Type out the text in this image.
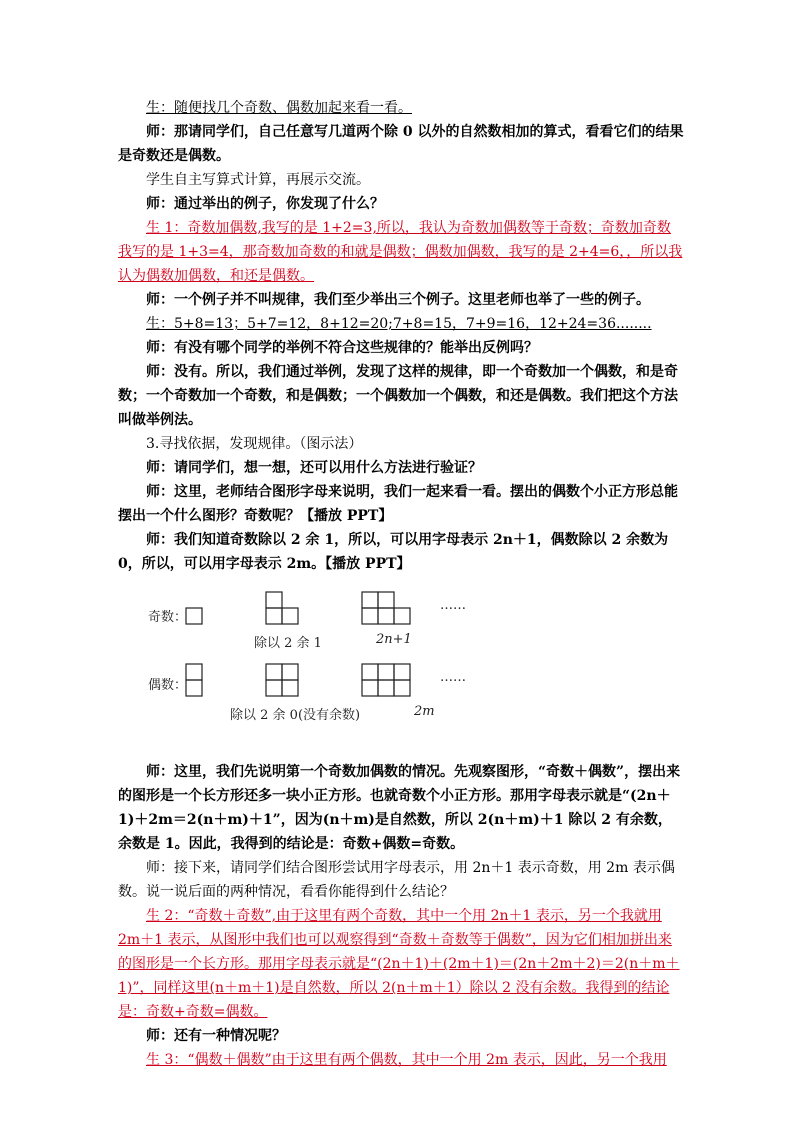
生：随便找几个奇数、偶数加起来看一看。

师：那请同学们，自己任意写几道两个除 0 以外的自然数相加的算式，看看它们的结果是奇数还是偶数。

学生自主写算式计算，再展示交流。

师：通过举出的例子，你发现了什么？

生 1：奇数加偶数,我写的是 1+2=3,所以，我认为奇数加偶数等于奇数；奇数加奇数我写的是 1+3=4，那奇数加奇数的和就是偶数；偶数加偶数，我写的是 2+4=6，，所以我认为偶数加偶数，和还是偶数。

师：一个例子并不叫规律，我们至少举出三个例子。这里老师也举了一些的例子。

生：5+8=13；5+7=12，8+12=20;7+8=15，7+9=16，12+24=36........

师：有没有哪个同学的举例不符合这些规律的？能举出反例吗？

师：没有。所以，我们通过举例，发现了这样的规律，即一个奇数加一个偶数，和是奇数；一个奇数加一个奇数，和是偶数；一个偶数加一个偶数，和还是偶数。我们把这个方法叫做举例法。

3.寻找依据，发现规律。（图示法）

师：请同学们，想一想，还可以用什么方法进行验证？

师：这里，老师结合图形字母来说明，我们一起来看一看。摆出的偶数个小正方形总能摆出一个什么图形？奇数呢？【播放 PPT】

师：我们知道奇数除以 2 余 1，所以，可以用字母表示 2n＋1，偶数除以 2 余数为 0，所以，可以用字母表示 2m。【播放 PPT】

奇数：
……
除以 2 余 1	2n+1
偶数：
……
除以 2 余 0(没有余数)	2m

师：这里，我们先说明第一个奇数加偶数的情况。先观察图形，“奇数＋偶数”，摆出来的图形是一个长方形还多一块小正方形。也就奇数个小正方形。那用字母表示就是“(2n＋1)＋2m＝2(n＋m)＋1”，因为(n＋m)是自然数，所以 2(n＋m)＋1 除以 2 有余数，余数是 1。因此，我得到的结论是：奇数+偶数=奇数。

师：接下来，请同学们结合图形尝试用字母表示，用 2n＋1 表示奇数，用 2m 表示偶数。说一说后面的两种情况，看看你能得到什么结论？

生 2：“奇数＋奇数”,由于这里有两个奇数，其中一个用 2n＋1 表示，另一个我就用2m＋1 表示，从图形中我们也可以观察得到“奇数＋奇数等于偶数”，因为它们相加拼出来的图形是一个长方形。那用字母表示就是“(2n＋1)＋(2m＋1)＝(2n＋2m＋2)＝2(n＋m＋1)”，同样这里(n＋m＋1)是自然数，所以 2(n＋m＋1）除以 2 没有余数。我得到的结论是：奇数+奇数=偶数。

师：还有一种情况呢？

生 3：“偶数＋偶数”由于这里有两个偶数，其中一个用 2m 表示，因此，另一个我用
